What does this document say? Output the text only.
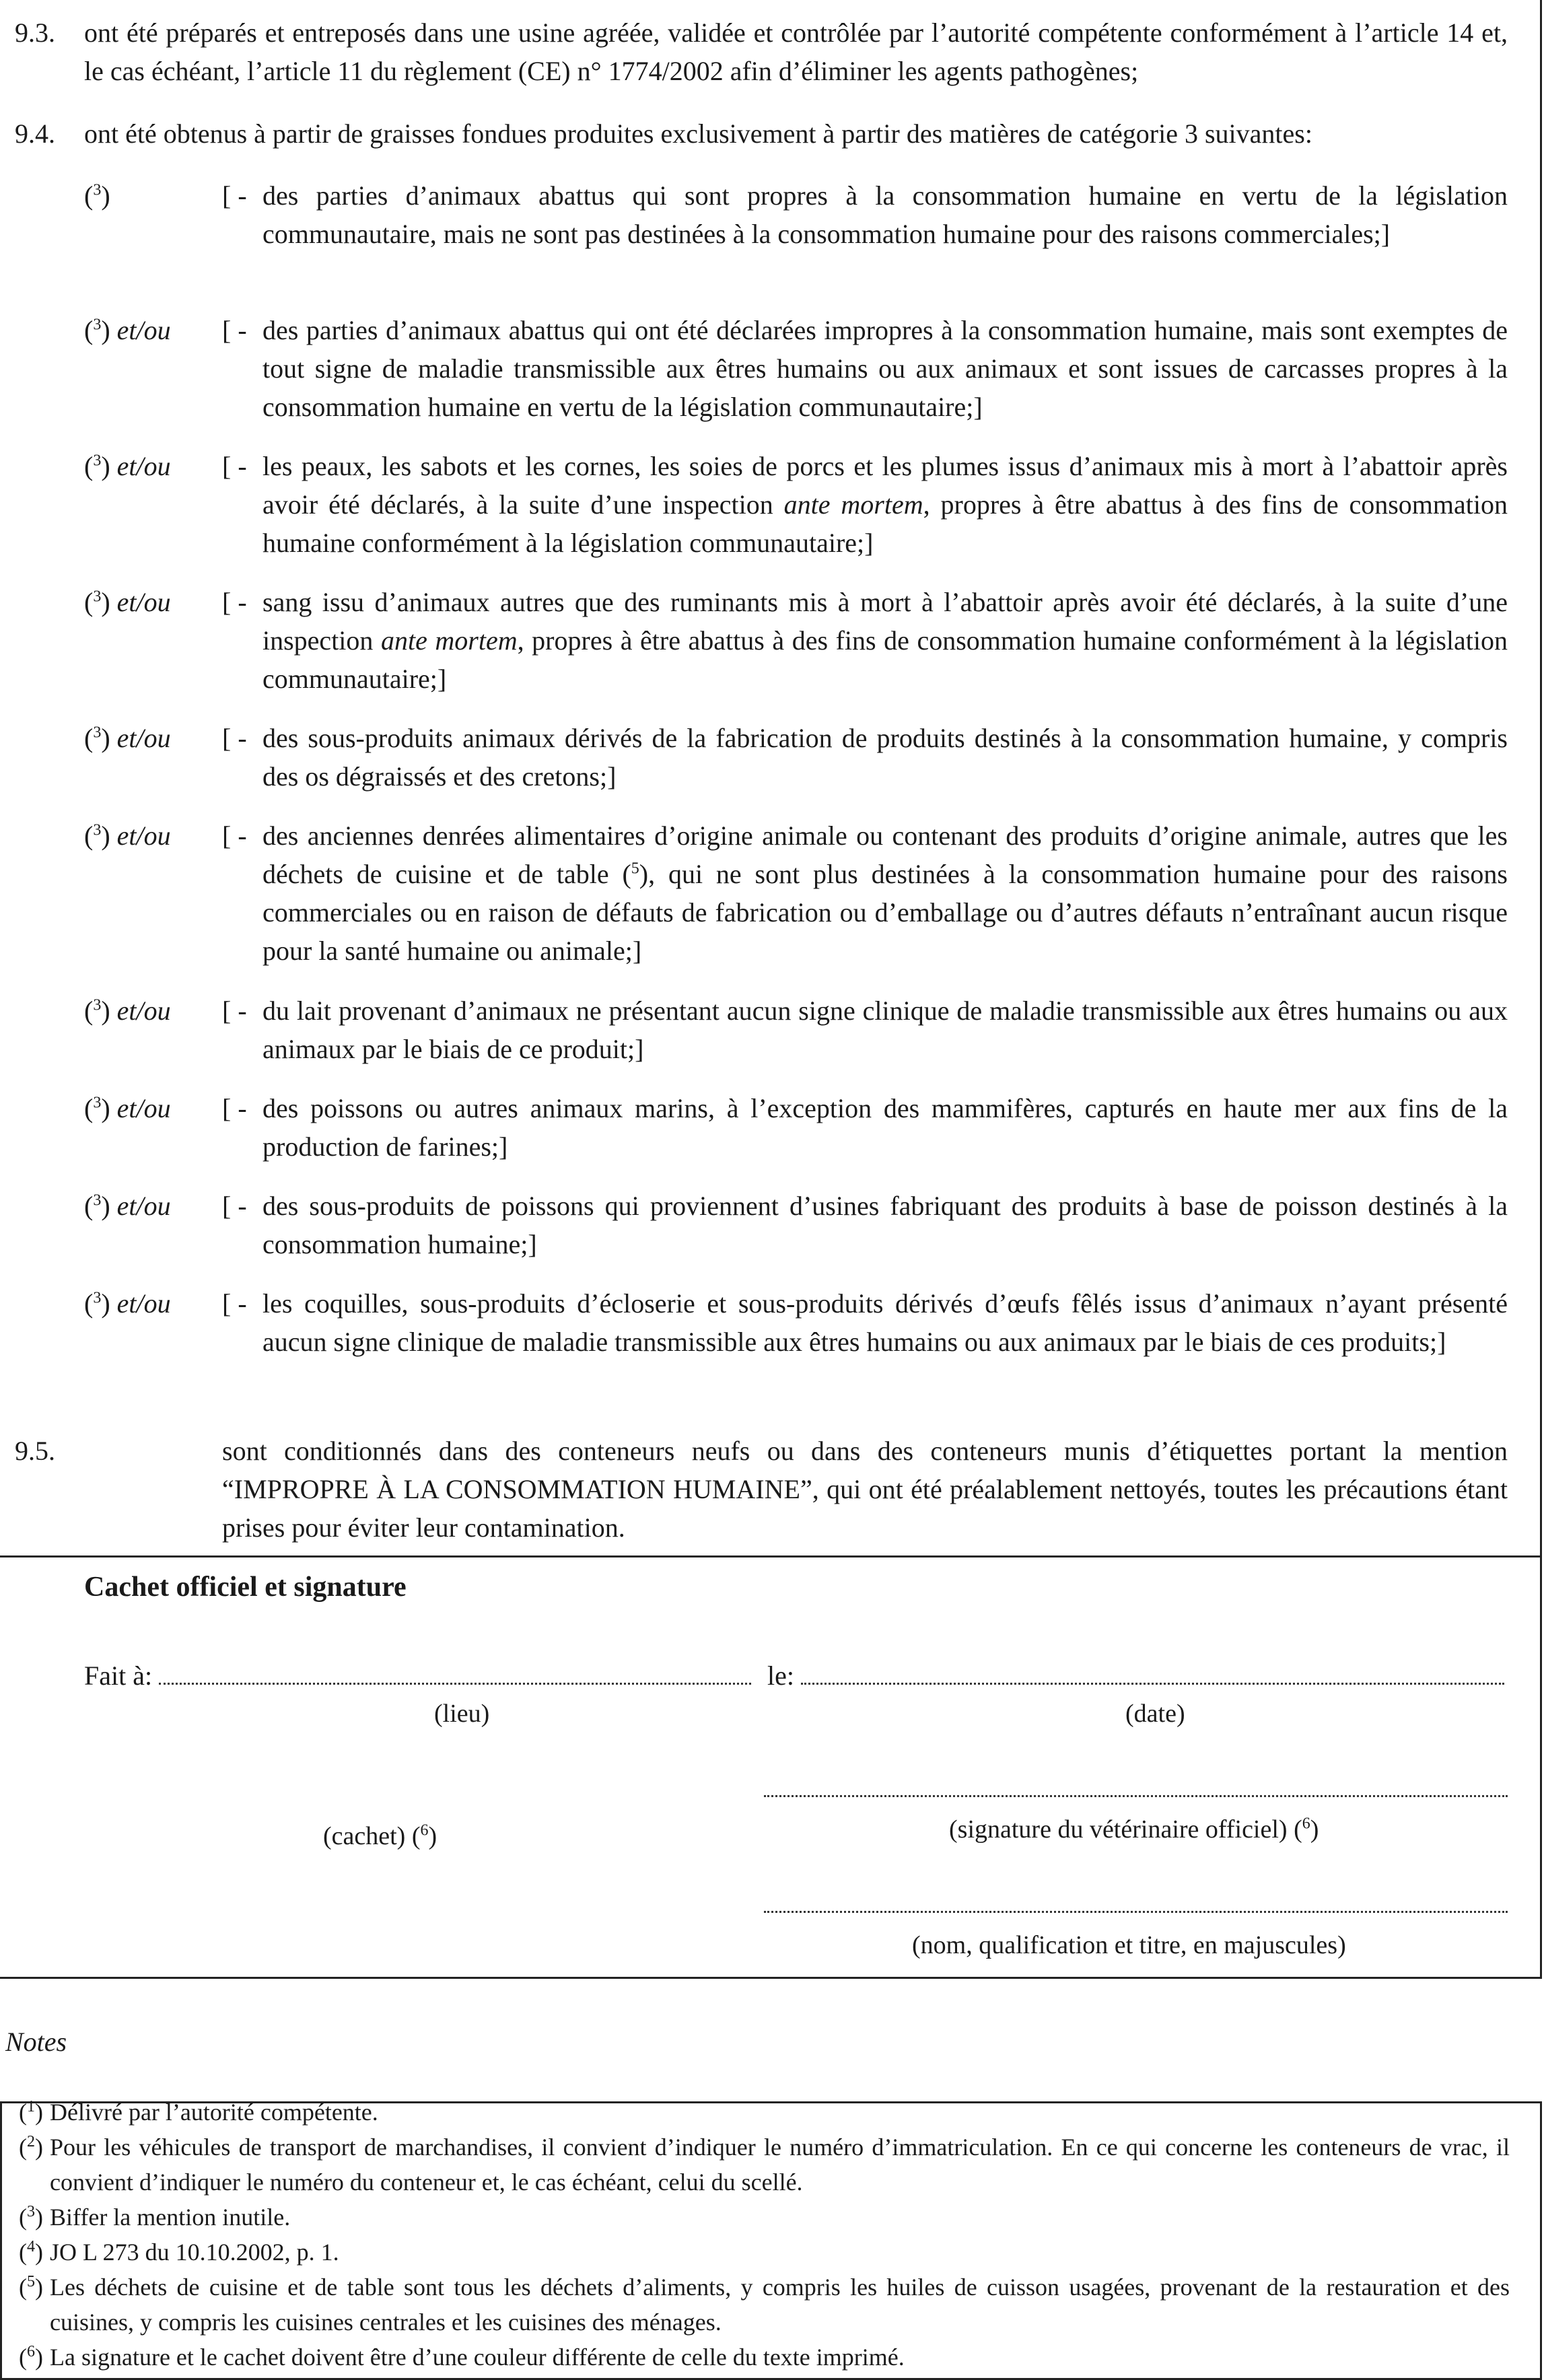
9.3. ont été préparés et entreposés dans une usine agréée, validée et contrôlée par l’autorité compétente conformément à l’article 14 et, le cas échéant, l’article 11 du règlement (CE) n° 1774/2002 afin d’éliminer les agents pathogènes;
9.4. ont été obtenus à partir de graisses fondues produites exclusivement à partir des matières de catégorie 3 suivantes:
($^3$)	[ - des parties d’animaux abattus qui sont propres à la consommation humaine en vertu de la législation communautaire, mais ne sont pas destinées à la consommation humaine pour des raisons commerciales;]
($^3$) et/ou [ - des parties d’animaux abattus qui ont été déclarées impropres à la consommation humaine, mais sont exemptes de tout signe de maladie transmissible aux êtres humains ou aux animaux et sont issues de carcasses propres à la consommation humaine en vertu de la législation communautaire;]
($^3$) et/ou [ - les peaux, les sabots et les cornes, les soies de porcs et les plumes issus d’animaux mis à mort à l’abattoir après avoir été déclarés, à la suite d’une inspection ante mortem, propres à être abattus à des fins de consommation humaine conformément à la législation communautaire;]
($^3$) et/ou [ - sang issu d’animaux autres que des ruminants mis à mort à l’abattoir après avoir été déclarés, à la suite d’une inspection ante mortem, propres à être abattus à des fins de consommation humaine conformément à la législation communautaire;]
($^3$) et/ou [ - des sous-produits animaux dérivés de la fabrication de produits destinés à la consommation humaine, y compris des os dégraissés et des cretons;]
($^3$) et/ou [ - des anciennes denrées alimentaires d’origine animale ou contenant des produits d’origine animale, autres que les déchets de cuisine et de table ($^5$), qui ne sont plus destinées à la consommation humaine pour des raisons commerciales ou en raison de défauts de fabrication ou d’emballage ou d’autres défauts n’entraînant aucun risque pour la santé humaine ou animale;]
($^3$) et/ou [ - du lait provenant d’animaux ne présentant aucun signe clinique de maladie transmissible aux êtres humains ou aux animaux par le biais de ce produit;]
($^3$) et/ou [ - des poissons ou autres animaux marins, à l’exception des mammifères, capturés en haute mer aux fins de la production de farines;]
($^3$) et/ou [ - des sous-produits de poissons qui proviennent d’usines fabriquant des produits à base de poisson destinés à la consommation humaine;]
($^3$) et/ou [ - les coquilles, sous-produits d’écloserie et sous-produits dérivés d’œufs fêlés issus d’animaux n’ayant présenté aucun signe clinique de maladie transmissible aux êtres humains ou aux animaux par le biais de ces produits;]
9.5.	sont conditionnés dans des conteneurs neufs ou dans des conteneurs munis d’étiquettes portant la mention “IMPROPRE À LA CONSOMMATION HUMAINE”, qui ont été préalablement nettoyés, toutes les précautions étant prises pour éviter leur contamination.
Cachet officiel et signature
Fait à:	le:
(lieu)	(date)
(signature du vétérinaire officiel) ($^6$)
(cachet) ($^6$)
(nom, qualification et titre, en majuscules)
Notes
($^1$) Délivré par l’autorité compétente.
($^2$) Pour les véhicules de transport de marchandises, il convient d’indiquer le numéro d’immatriculation. En ce qui concerne les conteneurs de vrac, il convient d’indiquer le numéro du conteneur et, le cas échéant, celui du scellé.
($^3$) Biffer la mention inutile.
($^4$) JO L 273 du 10.10.2002, p. 1.
($^5$) Les déchets de cuisine et de table sont tous les déchets d’aliments, y compris les huiles de cuisson usagées, provenant de la restauration et des cuisines, y compris les cuisines centrales et les cuisines des ménages.
($^6$) La signature et le cachet doivent être d’une couleur différente de celle du texte imprimé.
